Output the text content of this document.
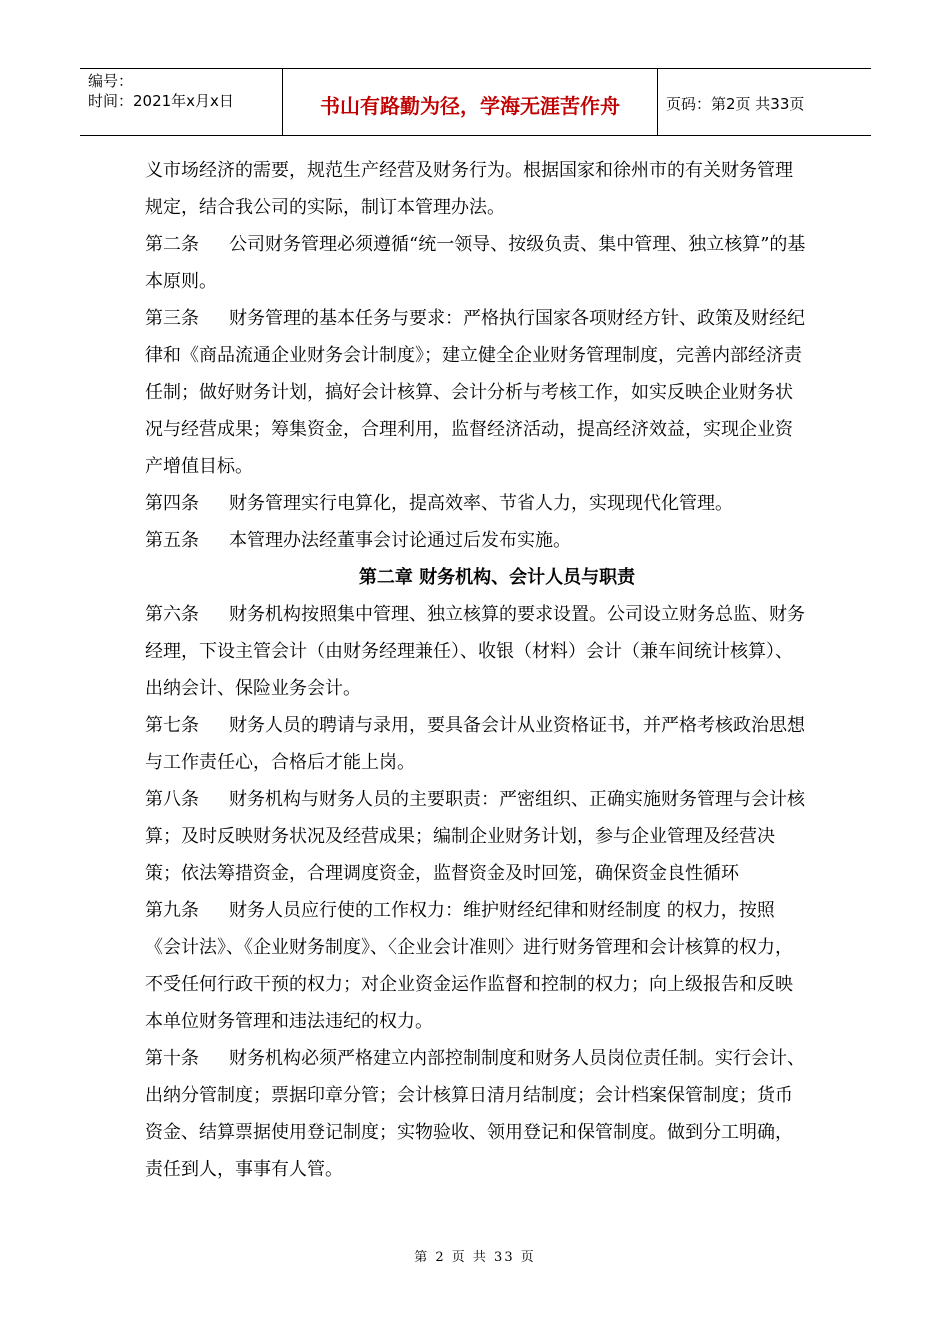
编号：
时间：2021年x月x日	书山有路勤为径，学海无涯苦作舟	页码：第2页 共33页

义市场经济的需要，规范生产经营及财务行为。根据国家和徐州市的有关财务管理规定，结合我公司的实际，制订本管理办法。

第二条 公司财务管理必须遵循“统一领导、按级负责、集中管理、独立核算”的基本原则。

第三条 财务管理的基本任务与要求：严格执行国家各项财经方针、政策及财经纪律和《商品流通企业财务会计制度》；建立健全企业财务管理制度，完善内部经济责任制；做好财务计划，搞好会计核算、会计分析与考核工作，如实反映企业财务状况与经营成果；筹集资金，合理利用，监督经济活动，提高经济效益，实现企业资产增值目标。

第四条 财务管理实行电算化，提高效率、节省人力，实现现代化管理。

第五条 本管理办法经董事会讨论通过后发布实施。

第二章 财务机构、会计人员与职责

第六条 财务机构按照集中管理、独立核算的要求设置。公司设立财务总监、财务经理，下设主管会计（由财务经理兼任）、收银（材料）会计（兼车间统计核算）、出纳会计、保险业务会计。

第七条 财务人员的聘请与录用，要具备会计从业资格证书，并严格考核政治思想与工作责任心，合格后才能上岗。

第八条 财务机构与财务人员的主要职责：严密组织、正确实施财务管理与会计核算；及时反映财务状况及经营成果；编制企业财务计划，参与企业管理及经营决策；依法筹措资金，合理调度资金，监督资金及时回笼，确保资金良性循环

第九条 财务人员应行使的工作权力：维护财经纪律和财经制度 的权力，按照《会计法》、《企业财务制度》、〈企业会计准则〉进行财务管理和会计核算的权力，不受任何行政干预的权力；对企业资金运作监督和控制的权力；向上级报告和反映本单位财务管理和违法违纪的权力。

第十条 财务机构必须严格建立内部控制制度和财务人员岗位责任制。实行会计、出纳分管制度；票据印章分管；会计核算日清月结制度；会计档案保管制度；货币资金、结算票据使用登记制度；实物验收、领用登记和保管制度。做到分工明确，责任到人，事事有人管。

第 2 页 共 33 页
